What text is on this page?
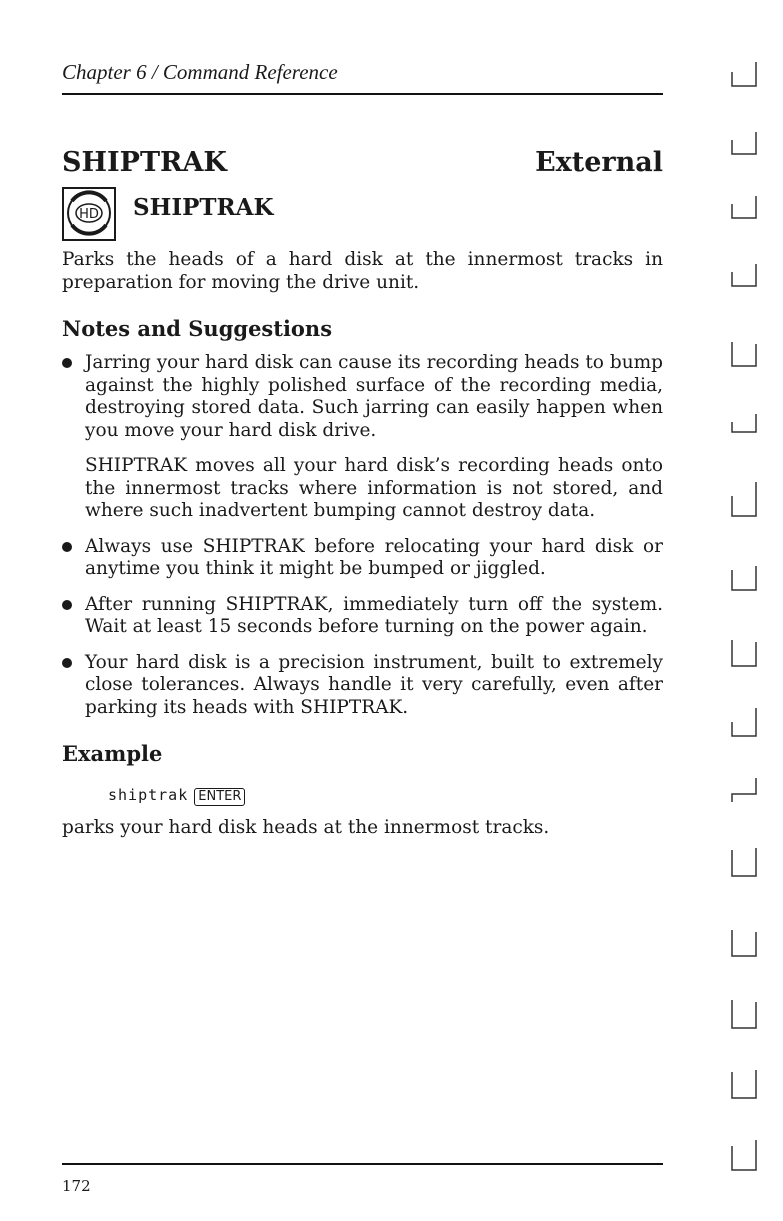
Chapter 6 / Command Reference
SHIPTRAK	External
HD SHIPTRAK
Parks the heads of a hard disk at the innermost tracks in preparation for moving the drive unit.
Notes and Suggestions

Jarring your hard disk can cause its recording heads to bump against the highly polished surface of the recording media, destroying stored data. Such jarring can easily happen when you move your hard disk drive.

SHIPTRAK moves all your hard disk’s recording heads onto the innermost tracks where information is not stored, and where such inadvertent bumping cannot destroy data.

Always use SHIPTRAK before relocating your hard disk or anytime you think it might be bumped or jiggled.

After running SHIPTRAK, immediately turn off the system. Wait at least 15 seconds before turning on the power again.

Your hard disk is a precision instrument, built to extremely close tolerances. Always handle it very carefully, even after parking its heads with SHIPTRAK.

Example
shiptrak ENTER
parks your hard disk heads at the innermost tracks.
172
